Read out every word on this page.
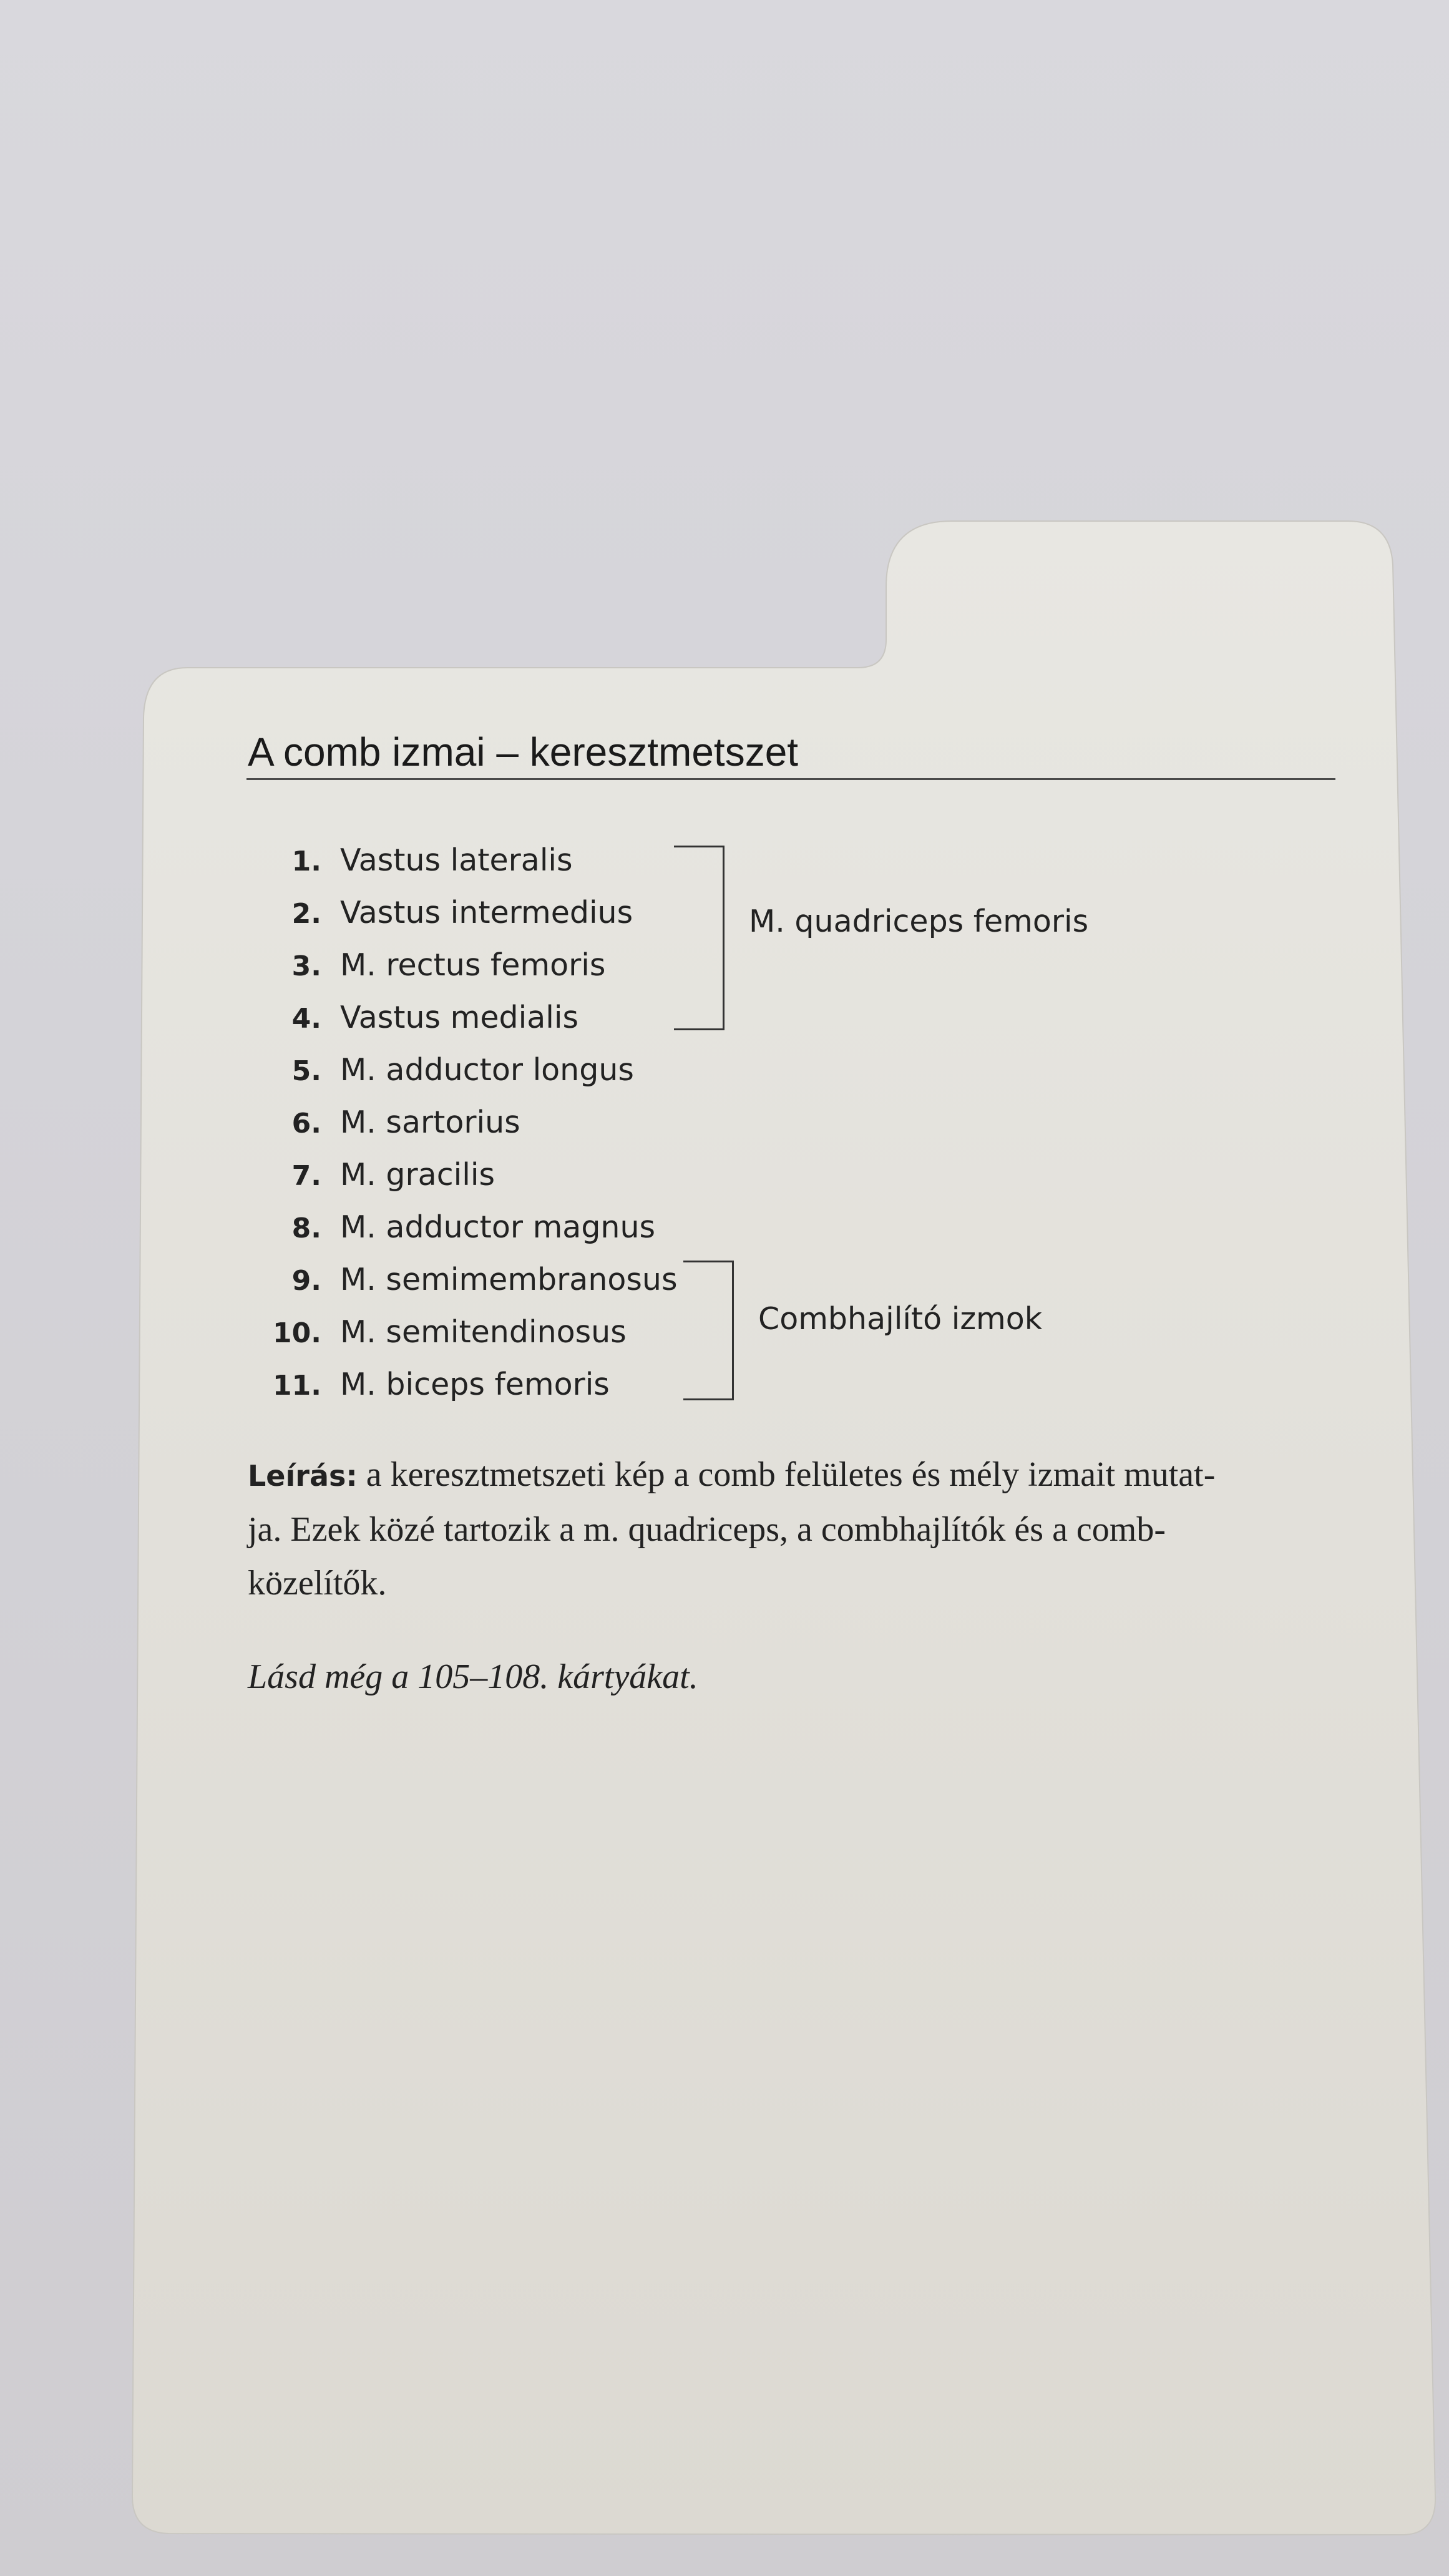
A comb izmai – keresztmetszet
1. Vastus lateralis
2. Vastus intermedius
3. M. rectus femoris
4. Vastus medialis
5. M. adductor longus
6. M. sartorius
7. M. gracilis
8. M. adductor magnus
9. M. semimembranosus
10. M. semitendinosus
11. M. biceps femoris
M. quadriceps femoris
Combhajlító izmok
Leírás: a keresztmetszeti kép a comb felületes és mély izmait mutat-
ja. Ezek közé tartozik a m. quadriceps, a combhajlítók és a comb-
közelítők.
Lásd még a 105–108. kártyákat.
